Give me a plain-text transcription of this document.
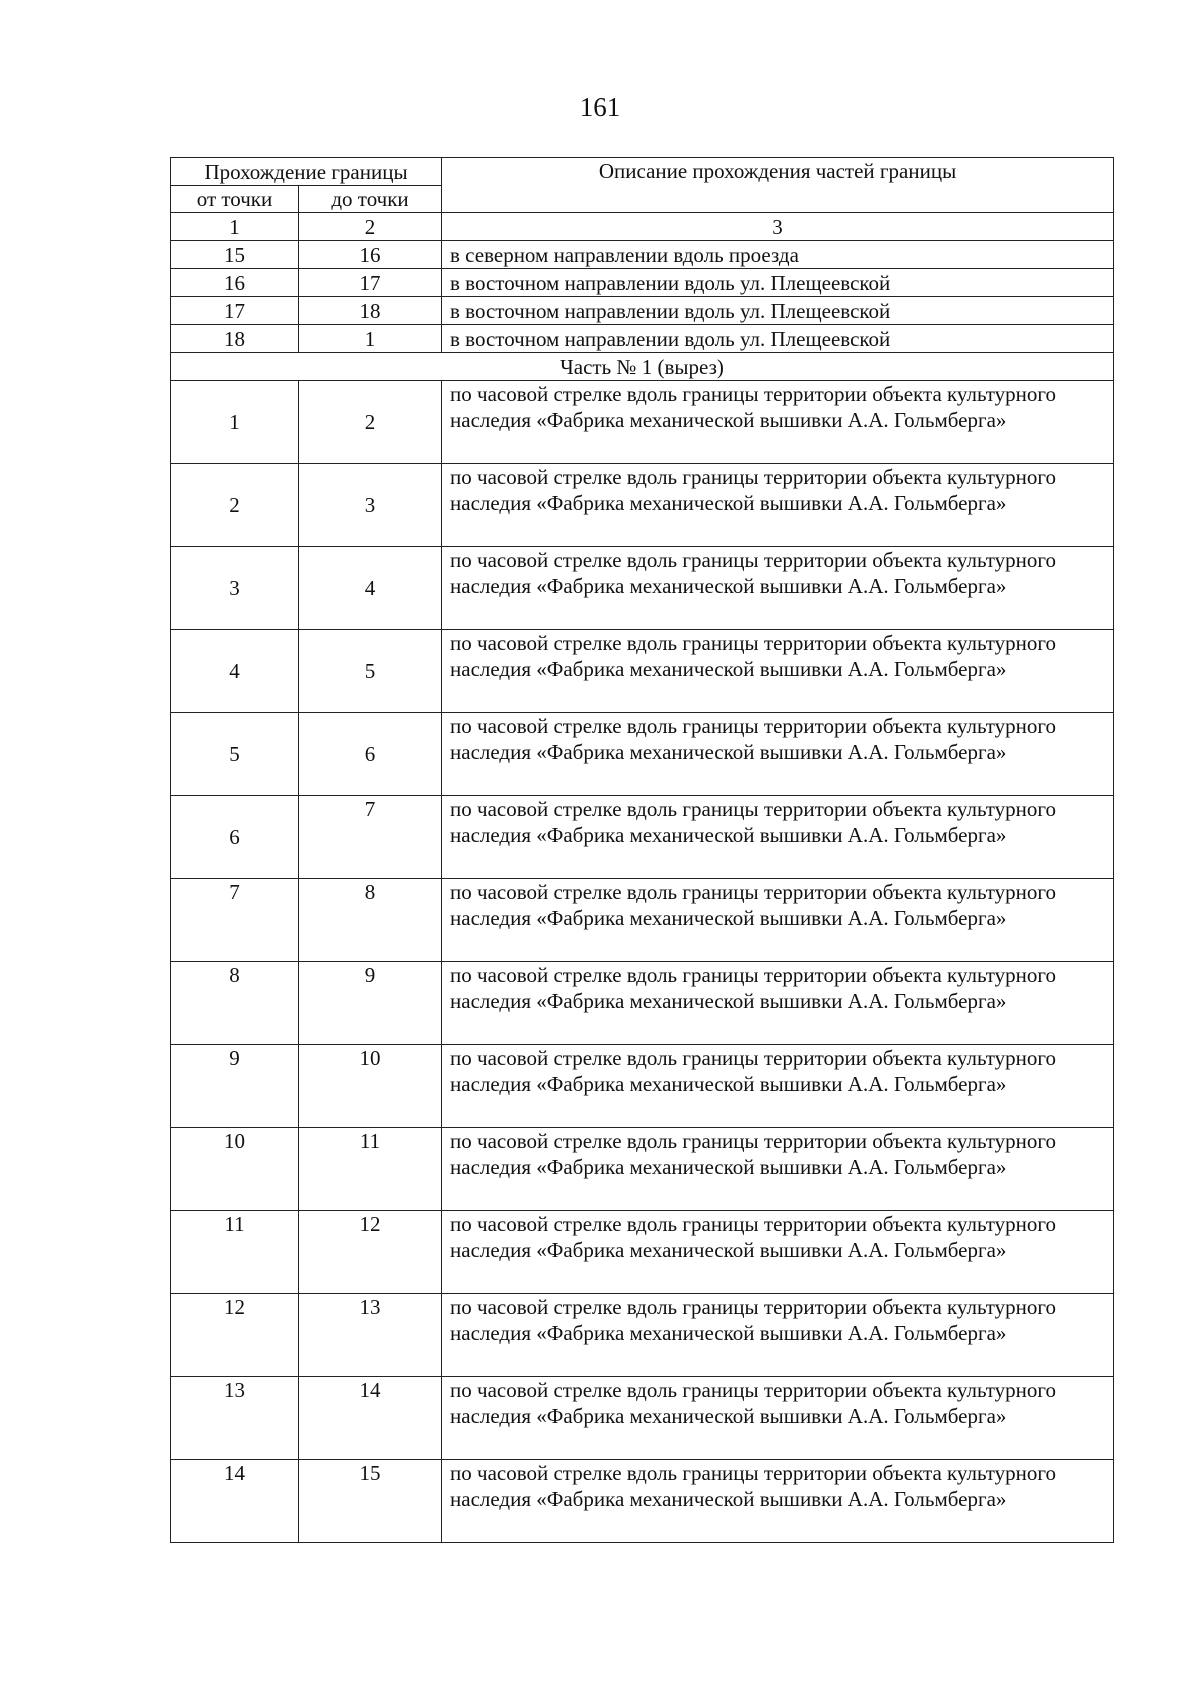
161
Прохождение границы		Описание прохождения частей границы
от точки	до точки	
1	2	3
15	16	в северном направлении вдоль проезда
16	17	в восточном направлении вдоль ул. Плещеевской
17	18	в восточном направлении вдоль ул. Плещеевской
18	1	в восточном направлении вдоль ул. Плещеевской
Часть № 1 (вырез)		
1	2	по часовой стрелке вдоль границы территории объекта культурного наследия «Фабрика механической вышивки А.А. Гольмберга»
2	3	по часовой стрелке вдоль границы территории объекта культурного наследия «Фабрика механической вышивки А.А. Гольмберга»
3	4	по часовой стрелке вдоль границы территории объекта культурного наследия «Фабрика механической вышивки А.А. Гольмберга»
4	5	по часовой стрелке вдоль границы территории объекта культурного наследия «Фабрика механической вышивки А.А. Гольмберга»
5	6	по часовой стрелке вдоль границы территории объекта культурного наследия «Фабрика механической вышивки А.А. Гольмберга»
6	7	по часовой стрелке вдоль границы территории объекта культурного наследия «Фабрика механической вышивки А.А. Гольмберга»
7	8	по часовой стрелке вдоль границы территории объекта культурного наследия «Фабрика механической вышивки А.А. Гольмберга»
8	9	по часовой стрелке вдоль границы территории объекта культурного наследия «Фабрика механической вышивки А.А. Гольмберга»
9	10	по часовой стрелке вдоль границы территории объекта культурного наследия «Фабрика механической вышивки А.А. Гольмберга»
10	11	по часовой стрелке вдоль границы территории объекта культурного наследия «Фабрика механической вышивки А.А. Гольмберга»
11	12	по часовой стрелке вдоль границы территории объекта культурного наследия «Фабрика механической вышивки А.А. Гольмберга»
12	13	по часовой стрелке вдоль границы территории объекта культурного наследия «Фабрика механической вышивки А.А. Гольмберга»
13	14	по часовой стрелке вдоль границы территории объекта культурного наследия «Фабрика механической вышивки А.А. Гольмберга»
14	15	по часовой стрелке вдоль границы территории объекта культурного наследия «Фабрика механической вышивки А.А. Гольмберга»
